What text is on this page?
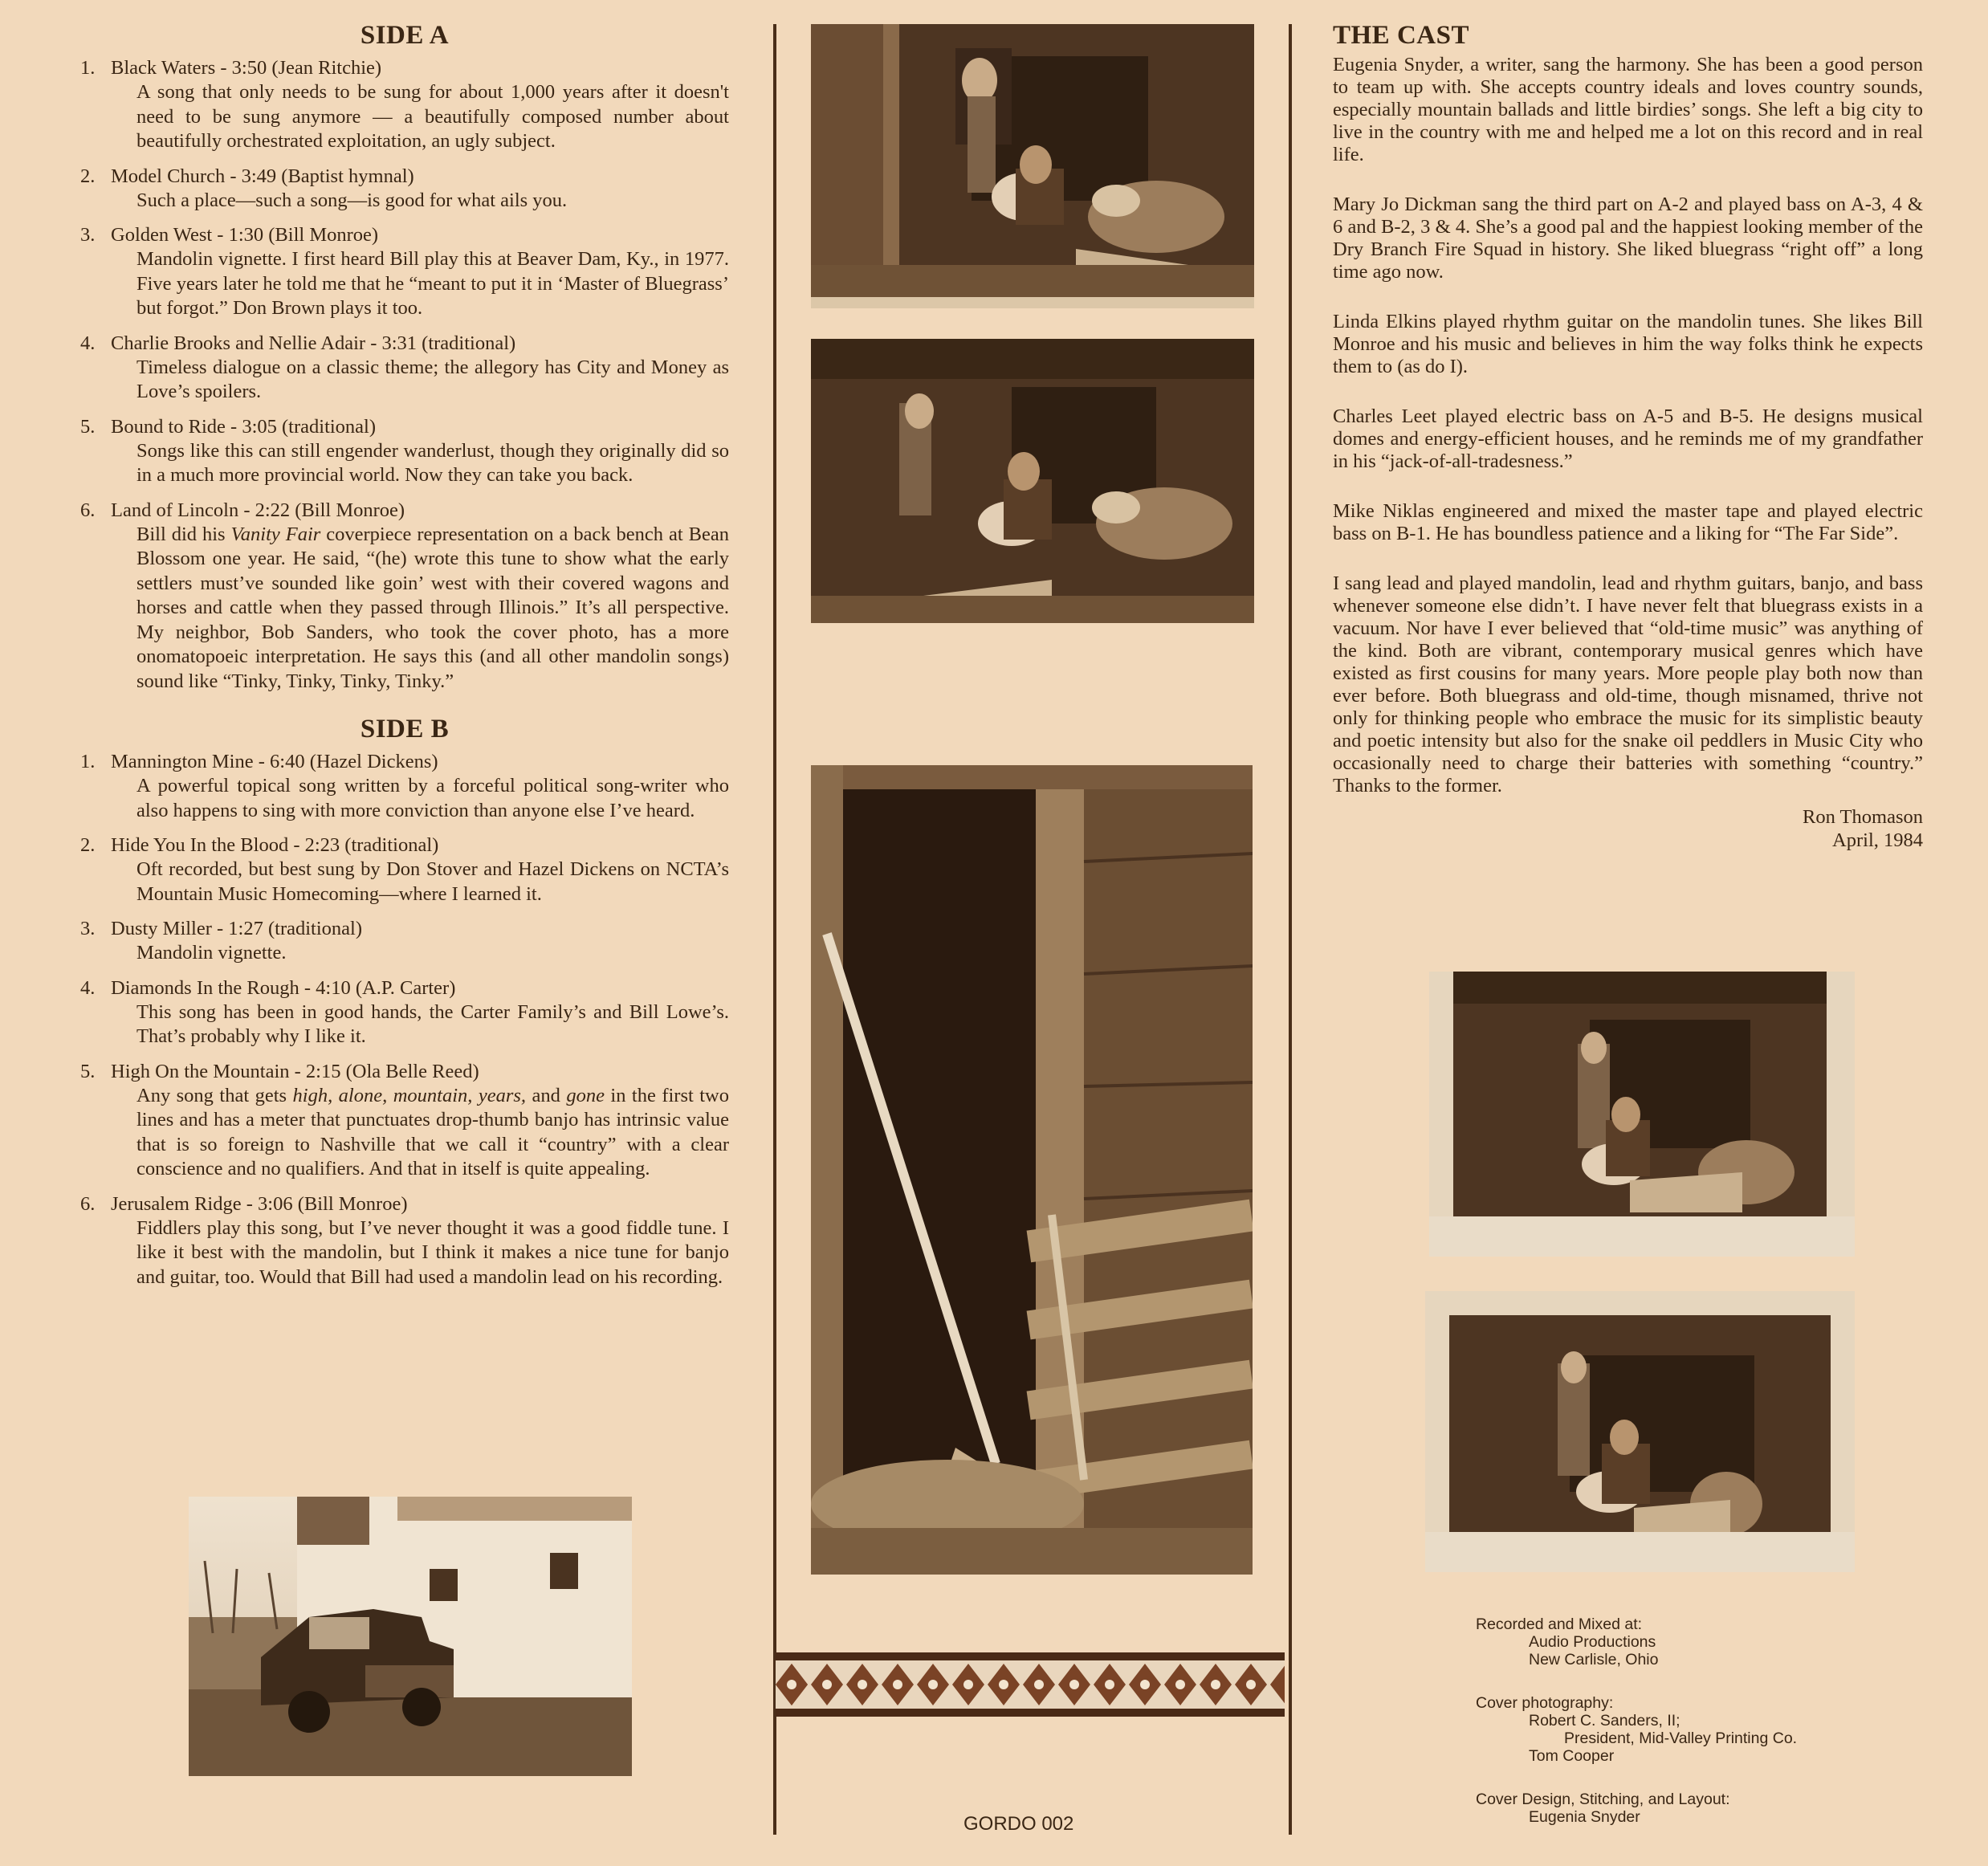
SIDE A
1. Black Waters - 3:50 (Jean Ritchie)
A song that only needs to be sung for about 1,000 years after it doesn't need to be sung anymore — a beautifully composed number about beautifully orchestrated exploitation, an ugly subject.
2. Model Church - 3:49 (Baptist hymnal)
Such a place—such a song—is good for what ails you.
3. Golden West - 1:30 (Bill Monroe)
Mandolin vignette. I first heard Bill play this at Beaver Dam, Ky., in 1977. Five years later he told me that he “meant to put it in ‘Master of Bluegrass’ but forgot.” Don Brown plays it too.
4. Charlie Brooks and Nellie Adair - 3:31 (traditional)
Timeless dialogue on a classic theme; the allegory has City and Money as Love’s spoilers.
5. Bound to Ride - 3:05 (traditional)
Songs like this can still engender wanderlust, though they originally did so in a much more provincial world. Now they can take you back.
6. Land of Lincoln - 2:22 (Bill Monroe)
Bill did his Vanity Fair coverpiece representation on a back bench at Bean Blossom one year. He said, “(he) wrote this tune to show what the early settlers must’ve sounded like goin’ west with their covered wagons and horses and cattle when they passed through Illinois.” It’s all perspective. My neighbor, Bob Sanders, who took the cover photo, has a more onomatopoeic interpretation. He says this (and all other mandolin songs) sound like “Tinky, Tinky, Tinky, Tinky.”
SIDE B
1. Mannington Mine - 6:40 (Hazel Dickens)
A powerful topical song written by a forceful political song-writer who also happens to sing with more conviction than anyone else I’ve heard.
2. Hide You In the Blood - 2:23 (traditional)
Oft recorded, but best sung by Don Stover and Hazel Dickens on NCTA’s Mountain Music Homecoming—where I learned it.
3. Dusty Miller - 1:27 (traditional)
Mandolin vignette.
4. Diamonds In the Rough - 4:10 (A.P. Carter)
This song has been in good hands, the Carter Family’s and Bill Lowe’s. That’s probably why I like it.
5. High On the Mountain - 2:15 (Ola Belle Reed)
Any song that gets high, alone, mountain, years, and gone in the first two lines and has a meter that punctuates drop-thumb banjo has intrinsic value that is so foreign to Nashville that we call it “country” with a clear conscience and no qualifiers. And that in itself is quite appealing.
6. Jerusalem Ridge - 3:06 (Bill Monroe)
Fiddlers play this song, but I’ve never thought it was a good fiddle tune. I like it best with the mandolin, but I think it makes a nice tune for banjo and guitar, too. Would that Bill had used a mandolin lead on his recording.
GORDO 002
THE CAST

Eugenia Snyder, a writer, sang the harmony. She has been a good person to team up with. She accepts country ideals and loves country sounds, especially mountain ballads and little birdies’ songs. She left a big city to live in the country with me and helped me a lot on this record and in real life.

Mary Jo Dickman sang the third part on A-2 and played bass on A-3, 4 & 6 and B-2, 3 & 4. She’s a good pal and the happiest looking member of the Dry Branch Fire Squad in history. She liked bluegrass “right off” a long time ago now.

Linda Elkins played rhythm guitar on the mandolin tunes. She likes Bill Monroe and his music and believes in him the way folks think he expects them to (as do I).

Charles Leet played electric bass on A-5 and B-5. He designs musical domes and energy-efficient houses, and he reminds me of my grandfather in his “jack-of-all-tradesness.”

Mike Niklas engineered and mixed the master tape and played electric bass on B-1. He has boundless patience and a liking for “The Far Side”.

I sang lead and played mandolin, lead and rhythm guitars, banjo, and bass whenever someone else didn’t. I have never felt that bluegrass exists in a vacuum. Nor have I ever believed that “old-time music” was anything of the kind. Both are vibrant, contemporary musical genres which have existed as first cousins for many years. More people play both now than ever before. Both bluegrass and old-time, though misnamed, thrive not only for thinking people who embrace the music for its simplistic beauty and poetic intensity but also for the snake oil peddlers in Music City who occasionally need to charge their batteries with something “country.” Thanks to the former.

Ron Thomason
April, 1984
Recorded and Mixed at:
Audio Productions
New Carlisle, Ohio
Cover photography:
Robert C. Sanders, II;
President, Mid-Valley Printing Co.
Tom Cooper
Cover Design, Stitching, and Layout:
Eugenia Snyder
